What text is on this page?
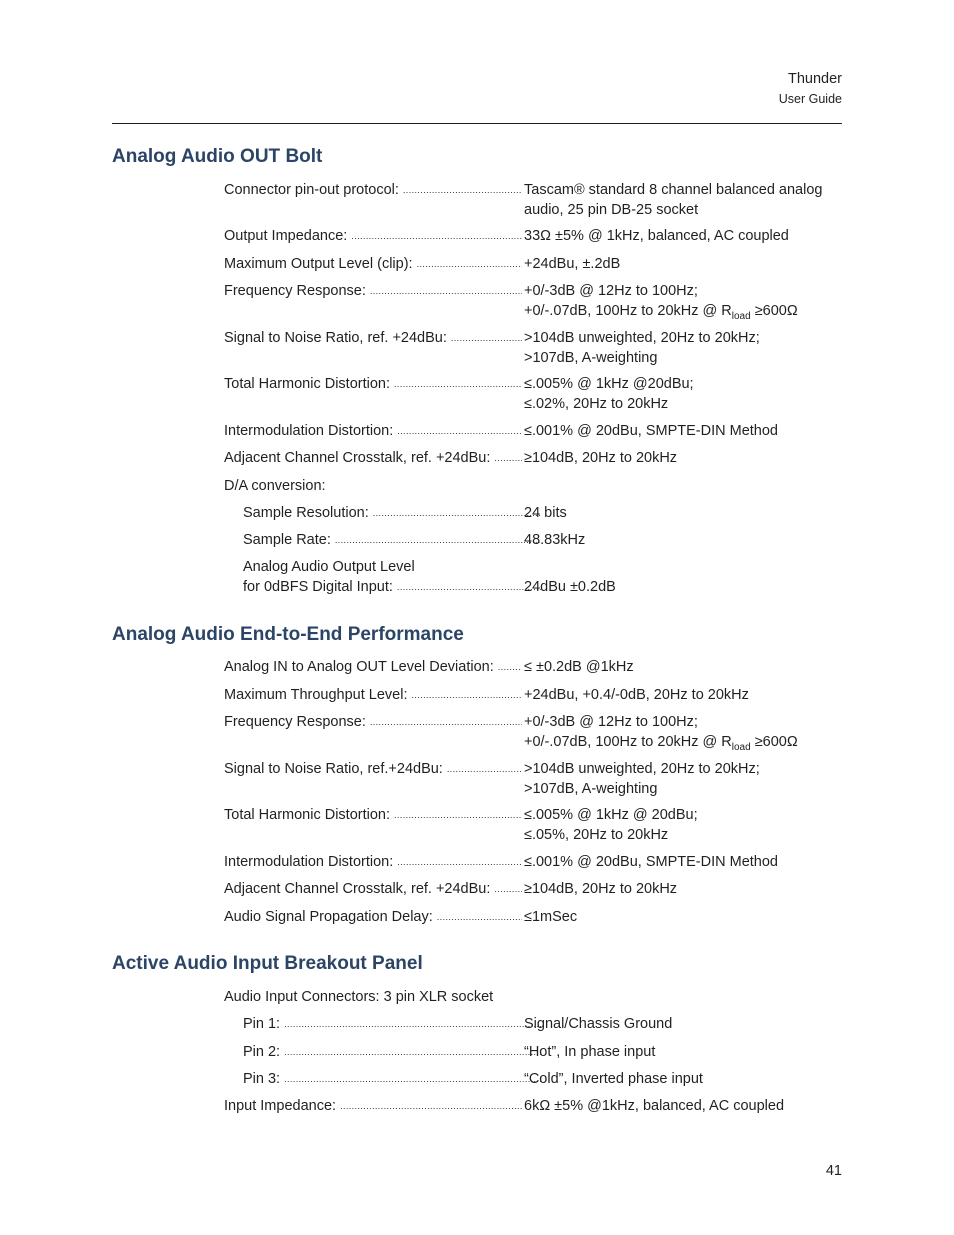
Thunder
User Guide
Analog Audio OUT Bolt
Connector pin-out protocol: .....	Tascam® standard 8 channel balanced analog
audio, 25 pin DB-25 socket
Output Impedance: .....	33Ω ±5% @ 1kHz, balanced, AC coupled
Maximum Output Level (clip): .....	+24dBu, ±.2dB
Frequency Response: .....	+0/-3dB @ 12Hz to 100Hz;
+0/-.07dB, 100Hz to 20kHz @ $R_{load} \ge 600\Omega$
Signal to Noise Ratio, ref. +24dBu: .....	>104dB unweighted, 20Hz to 20kHz;
>107dB, A-weighting
Total Harmonic Distortion: .....	≤.005% @ 1kHz @20dBu;
≤.02%, 20Hz to 20kHz
Intermodulation Distortion: .....	≤.001% @ 20dBu, SMPTE-DIN Method
Adjacent Channel Crosstalk, ref. +24dBu: ..... ≥104dB, 20Hz to 20kHz
D/A conversion:
Sample Resolution: .....	24 bits
Sample Rate: .....	48.83kHz
Analog Audio Output Level
for 0dBFS Digital Input: .....	24dBu ±0.2dB
Analog Audio End-to-End Performance
Analog IN to Analog OUT Level Deviation: ..... ≤ ±0.2dB @1kHz
Maximum Throughput Level: .....	+24dBu, +0.4/-0dB, 20Hz to 20kHz
Frequency Response: .....	+0/-3dB @ 12Hz to 100Hz;
+0/-.07dB, 100Hz to 20kHz @ $R_{load} \ge 600\Omega$
Signal to Noise Ratio, ref.+24dBu: .....	>104dB unweighted, 20Hz to 20kHz;
>107dB, A-weighting
Total Harmonic Distortion: .....	≤.005% @ 1kHz @ 20dBu;
≤.05%, 20Hz to 20kHz
Intermodulation Distortion: .....	≤.001% @ 20dBu, SMPTE-DIN Method
Adjacent Channel Crosstalk, ref. +24dBu: ..... ≥104dB, 20Hz to 20kHz
Audio Signal Propagation Delay: .....	≤1mSec
Active Audio Input Breakout Panel
Audio Input Connectors: 3 pin XLR socket
Pin 1: .....	Signal/Chassis Ground
Pin 2: .....	“Hot”, In phase input
Pin 3: .....	“Cold”, Inverted phase input
Input Impedance: .....	6kΩ ±5% @1kHz, balanced, AC coupled
41
